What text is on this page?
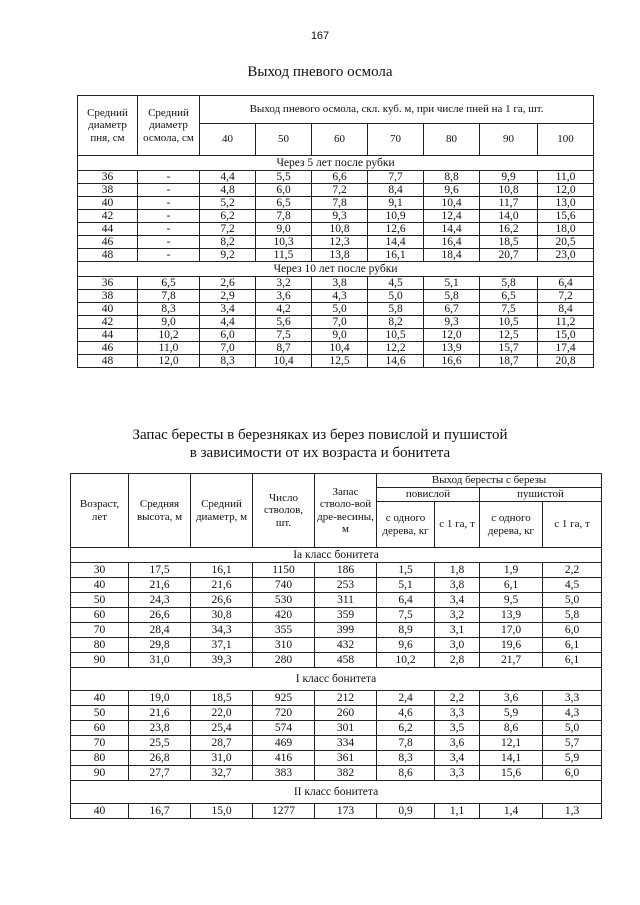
167
Выход пневого осмола
Средний диаметр пня, см	Средний диаметр осмола, см	Выход пневого осмола, скл. куб. м, при числе пней на 1 га, шт.						
		40	50	60	70	80	90	100
Через 5 лет после рубки								
36	-	4,4	5,5	6,6	7,7	8,8	9,9	11,0
38	-	4,8	6,0	7,2	8,4	9,6	10,8	12,0
40	-	5,2	6,5	7,8	9,1	10,4	11,7	13,0
42	-	6,2	7,8	9,3	10,9	12,4	14,0	15,6
44	-	7,2	9,0	10,8	12,6	14,4	16,2	18,0
46	-	8,2	10,3	12,3	14,4	16,4	18,5	20,5
48	-	9,2	11,5	13,8	16,1	18,4	20,7	23,0
Через 10 лет после рубки								
36	6,5	2,6	3,2	3,8	4,5	5,1	5,8	6,4
38	7,8	2,9	3,6	4,3	5,0	5,8	6,5	7,2
40	8,3	3,4	4,2	5,0	5,8	6,7	7,5	8,4
42	9,0	4,4	5,6	7,0	8,2	9,3	10,5	11,2
44	10,2	6,0	7,5	9,0	10,5	12,0	12,5	15,0
46	11,0	7,0	8,7	10,4	12,2	13,9	15,7	17,4
48	12,0	8,3	10,4	12,5	14,6	16,6	18,7	20,8
Запас бересты в березняках из берез повислой и пушистой
в зависимости от их возраста и бонитета
Возраст, лет	Средняя высота, м	Средний диаметр, м	Число стволов, шт.	Запас стволо-вой дре-весины, м	Выход бересты с березы			
					повислой		пушистой	
					с одного дерева, кг	с 1 га, т	с одного дерева, кг	с 1 га, т
Iа класс бонитета								
30	17,5	16,1	1150	186	1,5	1,8	1,9	2,2
40	21,6	21,6	740	253	5,1	3,8	6,1	4,5
50	24,3	26,6	530	311	6,4	3,4	9,5	5,0
60	26,6	30,8	420	359	7,5	3,2	13,9	5,8
70	28,4	34,3	355	399	8,9	3,1	17,0	6,0
80	29,8	37,1	310	432	9,6	3,0	19,6	6,1
90	31,0	39,3	280	458	10,2	2,8	21,7	6,1
I класс бонитета								
40	19,0	18,5	925	212	2,4	2,2	3,6	3,3
50	21,6	22,0	720	260	4,6	3,3	5,9	4,3
60	23,8	25,4	574	301	6,2	3,5	8,6	5,0
70	25,5	28,7	469	334	7,8	3,6	12,1	5,7
80	26,8	31,0	416	361	8,3	3,4	14,1	5,9
90	27,7	32,7	383	382	8,6	3,3	15,6	6,0
II класс бонитета								
40	16,7	15,0	1277	173	0,9	1,1	1,4	1,3
